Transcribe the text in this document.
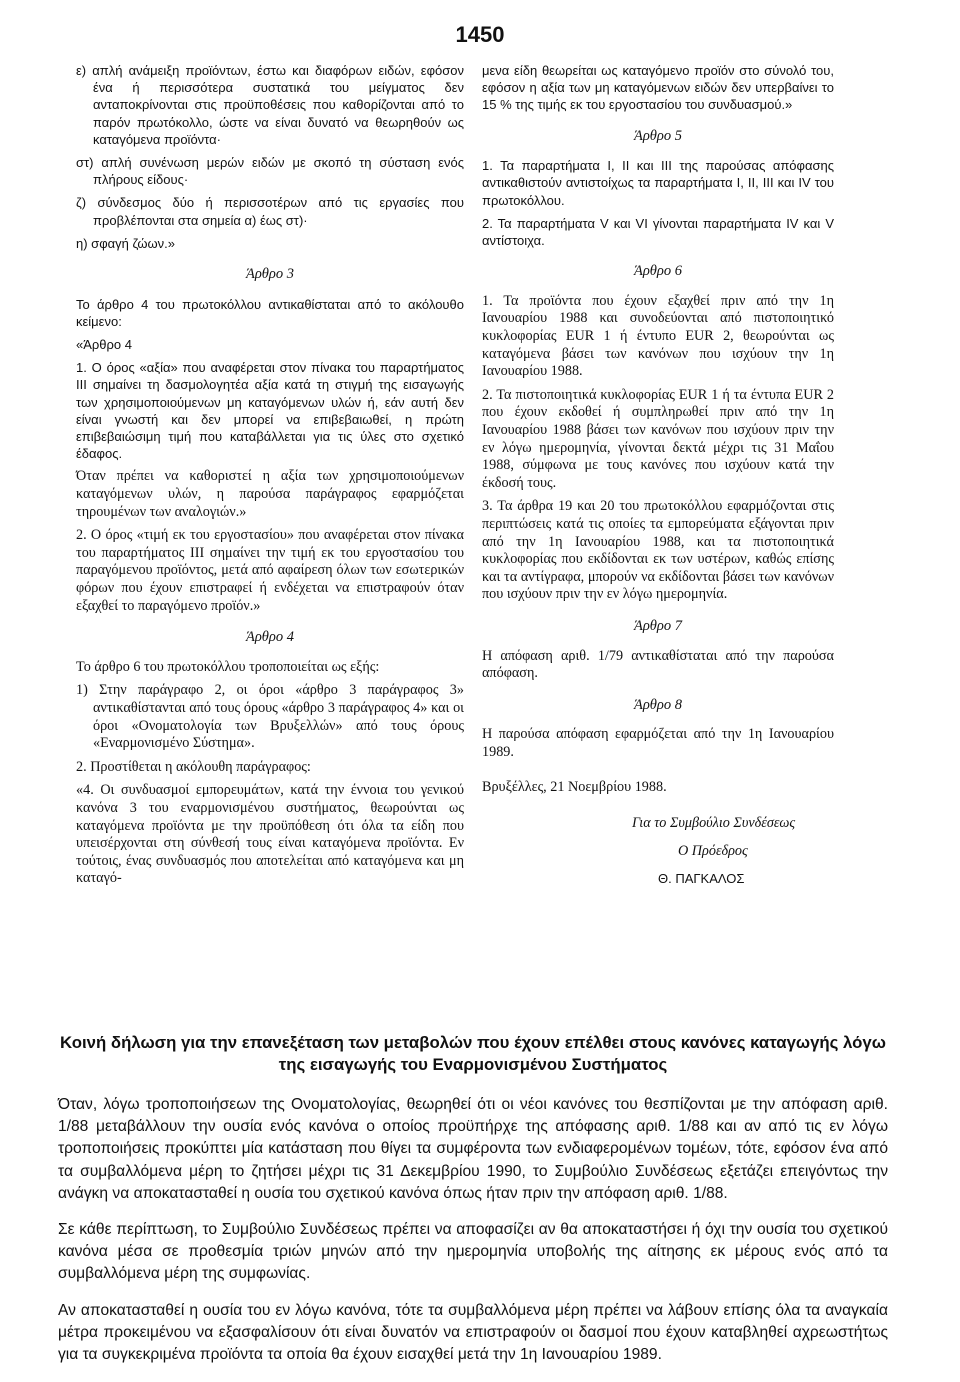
1450

ε) απλή ανάμειξη προϊόντων, έστω και διαφόρων ειδών, εφόσον ένα ή περισσότερα συστατικά του μείγματος δεν ανταποκρίνονται στις προϋποθέσεις που καθορίζονται από το παρόν πρωτόκολλο, ώστε να είναι δυνατό να θεωρηθούν ως καταγόμενα προϊόντα·

στ) απλή συνένωση μερών ειδών με σκοπό τη σύσταση ενός πλήρους είδους·

ζ) σύνδεσμος δύο ή περισσοτέρων από τις εργασίες που προβλέπονται στα σημεία α) έως στ)·

η) σφαγή ζώων.»

Άρθρο 3

Το άρθρο 4 του πρωτοκόλλου αντικαθίσταται από το ακόλουθο κείμενο:

«Άρθρο 4

1. Ο όρος «αξία» που αναφέρεται στον πίνακα του παραρτήματος III σημαίνει τη δασμολογητέα αξία κατά τη στιγμή της εισαγωγής των χρησιμοποιούμενων μη καταγόμενων υλών ή, εάν αυτή δεν είναι γνωστή και δεν μπορεί να επιβεβαιωθεί, η πρώτη επιβεβαιώσιμη τιμή που καταβάλλεται για τις ύλες στο σχετικό έδαφος.

Όταν πρέπει να καθοριστεί η αξία των χρησιμοποιούμενων καταγόμενων υλών, η παρούσα παράγραφος εφαρμόζεται τηρουμένων των αναλογιών.»

2. Ο όρος «τιμή εκ του εργοστασίου» που αναφέρεται στον πίνακα του παραρτήματος III σημαίνει την τιμή εκ του εργοστασίου του παραγόμενου προϊόντος, μετά από αφαίρεση όλων των εσωτερικών φόρων που έχουν επιστραφεί ή ενδέχεται να επιστραφούν όταν εξαχθεί το παραγόμενο προϊόν.»

Άρθρο 4

Το άρθρο 6 του πρωτοκόλλου τροποποιείται ως εξής:

1) Στην παράγραφο 2, οι όροι «άρθρο 3 παράγραφος 3» αντικαθίστανται από τους όρους «άρθρο 3 παράγραφος 4» και οι όροι «Ονοματολογία των Βρυξελλών» από τους όρους «Εναρμονισμένο Σύστημα».

2. Προστίθεται η ακόλουθη παράγραφος:

«4. Οι συνδυασμοί εμπορευμάτων, κατά την έννοια του γενικού κανόνα 3 του εναρμονισμένου συστήματος, θεωρούνται ως καταγόμενα προϊόντα με την προϋπόθεση ότι όλα τα είδη που υπεισέρχονται στη σύνθεσή τους είναι καταγόμενα προϊόντα. Εν τούτοις, ένας συνδυασμός που αποτελείται από καταγόμενα και μη καταγό-

μενα είδη θεωρείται ως καταγόμενο προϊόν στο σύνολό του, εφόσον η αξία των μη καταγόμενων ειδών δεν υπερβαίνει το 15 % της τιμής εκ του εργοστασίου του συνδυασμού.»

Άρθρο 5

1. Τα παραρτήματα I, II και III της παρούσας απόφασης αντικαθιστούν αντιστοίχως τα παραρτήματα I, II, III και IV του πρωτοκόλλου.

2. Τα παραρτήματα V και VI γίνονται παραρτήματα IV και V αντίστοιχα.

Άρθρο 6

1. Τα προϊόντα που έχουν εξαχθεί πριν από την 1η Ιανουαρίου 1988 και συνοδεύονται από πιστοποιητικό κυκλοφορίας EUR 1 ή έντυπο EUR 2, θεωρούνται ως καταγόμενα βάσει των κανόνων που ισχύουν την 1η Ιανουαρίου 1988.

2. Τα πιστοποιητικά κυκλοφορίας EUR 1 ή τα έντυπα EUR 2 που έχουν εκδοθεί ή συμπληρωθεί πριν από την 1η Ιανουαρίου 1988 βάσει των κανόνων που ισχύουν πριν την εν λόγω ημερομηνία, γίνονται δεκτά μέχρι τις 31 Μαΐου 1988, σύμφωνα με τους κανόνες που ισχύουν κατά την έκδοσή τους.

3. Τα άρθρα 19 και 20 του πρωτοκόλλου εφαρμόζονται στις περιπτώσεις κατά τις οποίες τα εμπορεύματα εξάγονται πριν από την 1η Ιανουαρίου 1988, και τα πιστοποιητικά κυκλοφορίας που εκδίδονται εκ των υστέρων, καθώς επίσης και τα αντίγραφα, μπορούν να εκδίδονται βάσει των κανόνων που ισχύουν πριν την εν λόγω ημερομηνία.

Άρθρο 7

Η απόφαση αριθ. 1/79 αντικαθίσταται από την παρούσα απόφαση.

Άρθρο 8

Η παρούσα απόφαση εφαρμόζεται από την 1η Ιανουαρίου 1989.

Βρυξέλλες, 21 Νοεμβρίου 1988.

Για το Συμβούλιο Συνδέσεως
Ο Πρόεδρος
Θ. ΠΑΓΚΑΛΟΣ
Κοινή δήλωση για την επανεξέταση των μεταβολών που έχουν επέλθει στους κανόνες καταγωγής λόγω της εισαγωγής του Εναρμονισμένου Συστήματος

Όταν, λόγω τροποποιήσεων της Ονοματολογίας, θεωρηθεί ότι οι νέοι κανόνες του θεσπίζονται με την απόφαση αριθ. 1/88 μεταβάλλουν την ουσία ενός κανόνα ο οποίος προϋπήρχε της απόφασης αριθ. 1/88 και αν από τις εν λόγω τροποποιήσεις προκύπτει μία κατάσταση που θίγει τα συμφέροντα των ενδιαφερομένων τομέων, τότε, εφόσον ένα από τα συμβαλλόμενα μέρη το ζητήσει μέχρι τις 31 Δεκεμβρίου 1990, το Συμβούλιο Συνδέσεως εξετάζει επειγόντως την ανάγκη να αποκατασταθεί η ουσία του σχετικού κανόνα όπως ήταν πριν την απόφαση αριθ. 1/88.

Σε κάθε περίπτωση, το Συμβούλιο Συνδέσεως πρέπει να αποφασίζει αν θα αποκαταστήσει ή όχι την ουσία του σχετικού κανόνα μέσα σε προθεσμία τριών μηνών από την ημερομηνία υποβολής της αίτησης εκ μέρους ενός από τα συμβαλλόμενα μέρη της συμφωνίας.

Αν αποκατασταθεί η ουσία του εν λόγω κανόνα, τότε τα συμβαλλόμενα μέρη πρέπει να λάβουν επίσης όλα τα αναγκαία μέτρα προκειμένου να εξασφαλίσουν ότι είναι δυνατόν να επιστραφούν οι δασμοί που έχουν καταβληθεί αχρεωστήτως για τα συγκεκριμένα προϊόντα τα οποία θα έχουν εισαχθεί μετά την 1η Ιανουαρίου 1989.
